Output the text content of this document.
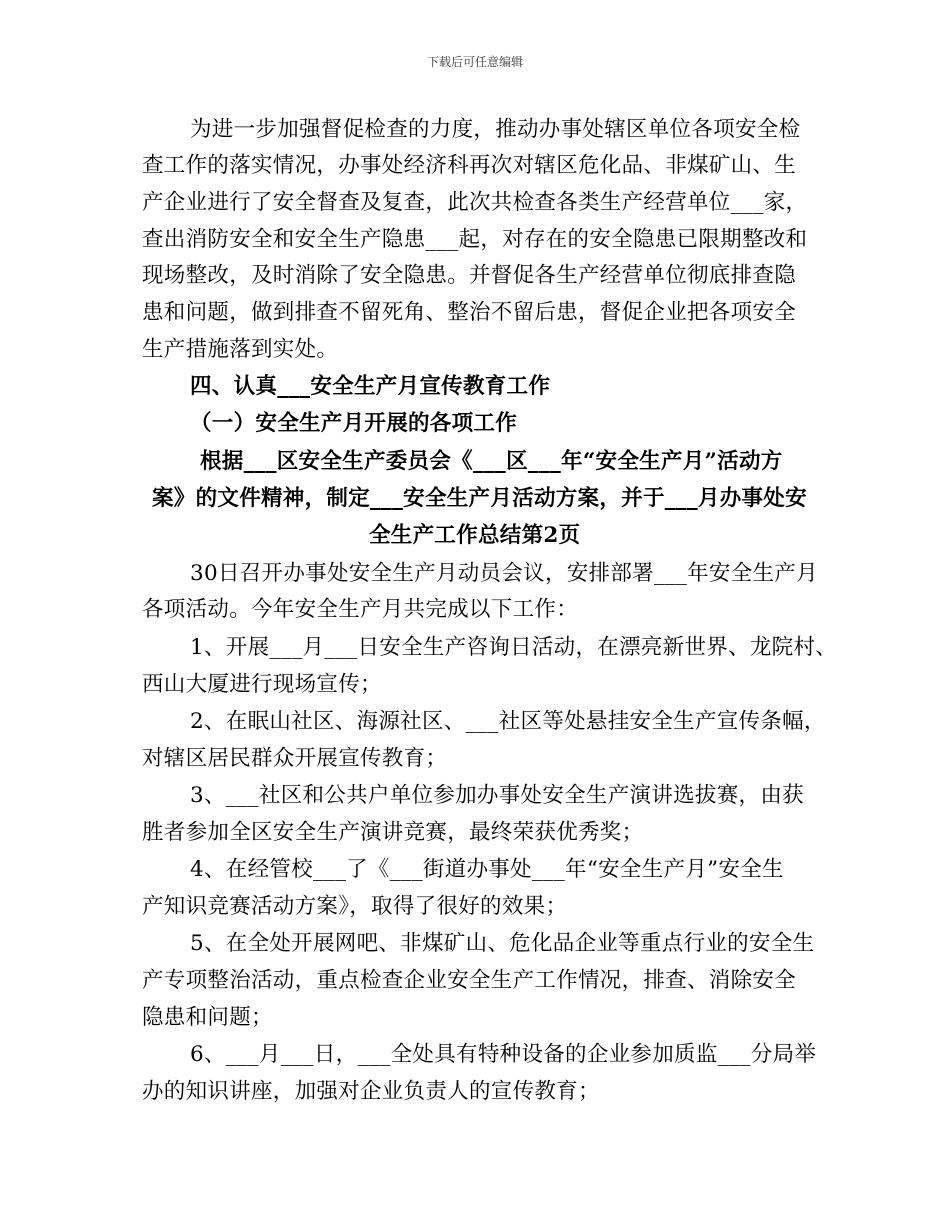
下载后可任意编辑
为进一步加强督促检查的力度，推动办事处辖区单位各项安全检
查工作的落实情况，办事处经济科再次对辖区危化品、非煤矿山、生
产企业进行了安全督查及复查，此次共检查各类生产经营单位___家，
查出消防安全和安全生产隐患___起，对存在的安全隐患已限期整改和
现场整改，及时消除了安全隐患。并督促各生产经营单位彻底排查隐
患和问题，做到排查不留死角、整治不留后患，督促企业把各项安全
生产措施落到实处。
四、认真___安全生产月宣传教育工作
（一）安全生产月开展的各项工作
根据___区安全生产委员会《___区___年“安全生产月”活动方
案》的文件精神，制定___安全生产月活动方案，并于___月办事处安
全生产工作总结第2页
30日召开办事处安全生产月动员会议，安排部署___年安全生产月
各项活动。今年安全生产月共完成以下工作：
1、开展___月___日安全生产咨询日活动，在漂亮新世界、龙院村、
西山大厦进行现场宣传；
2、在眠山社区、海源社区、___社区等处悬挂安全生产宣传条幅，
对辖区居民群众开展宣传教育；
3、___社区和公共户单位参加办事处安全生产演讲选拔赛，由获
胜者参加全区安全生产演讲竞赛，最终荣获优秀奖；
4、在经管校___了《___街道办事处___年“安全生产月”安全生
产知识竞赛活动方案》，取得了很好的效果；
5、在全处开展网吧、非煤矿山、危化品企业等重点行业的安全生
产专项整治活动，重点检查企业安全生产工作情况，排查、消除安全
隐患和问题；
6、___月___日，___全处具有特种设备的企业参加质监___分局举
办的知识讲座，加强对企业负责人的宣传教育；
